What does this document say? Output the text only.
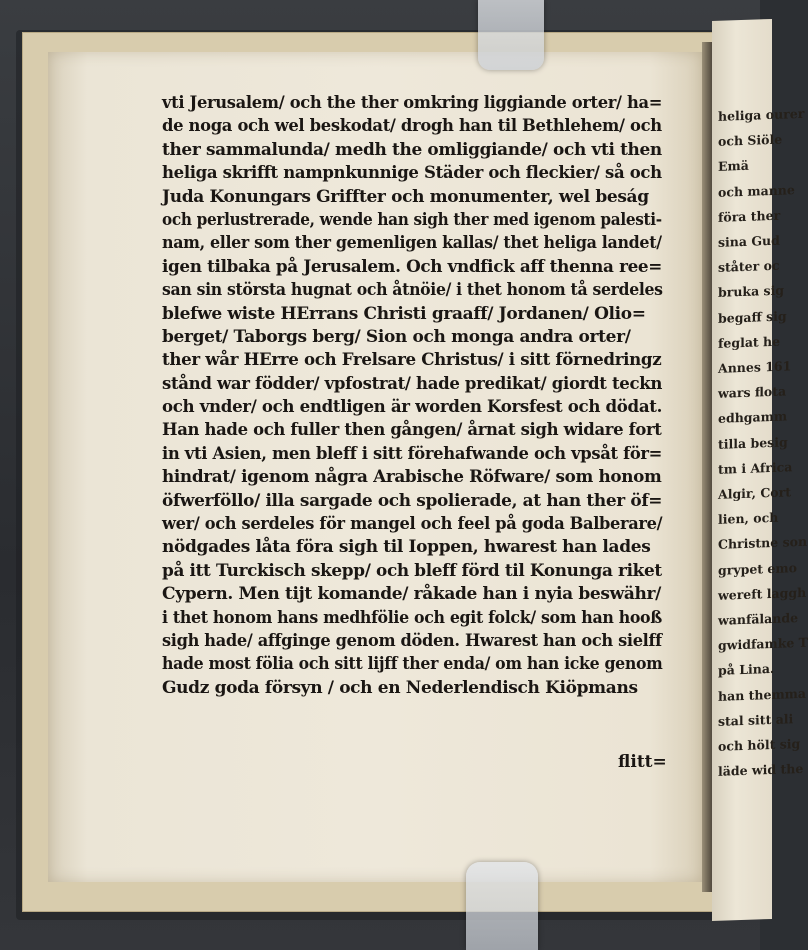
heliga ourer
och Siöle
Emä
och manne
föra ther
sina Gud
ståter oc
bruka sig
begaff sig
feglat he
Annes 161
wars flota
edhgamm
tilla besig
tm i Africa
Algir, Cort
lien, och
Christne son
grypet emo
wereft laggh
wanfälande
gwidfamke T
på Lina.
han themma
stal sitt ali
och hölt sig
läde wid the
vti Jerusalem/ och the ther omkring liggiande orter/ ha=
de noga och wel beskodat/ drogh han til Bethlehem/ och
ther sammalunda/ medh the omliggiande/ och vti then
heliga skrifft nampnkunnige Städer och fleckier/ så och
Juda Konungars Griffter och monumenter, wel beság
och perlustrerade, wende han sigh ther med igenom palesti-
nam, eller som ther gemenligen kallas/ thet heliga landet/
igen tilbaka på Jerusalem. Och vndfick aff thenna ree=
san sin största hugnat och åtnöie/ i thet honom tå serdeles
blefwe wiste HErrans Christi graaff/ Jordanen/ Olio=
berget/ Taborgs berg/ Sion och monga andra orter/
ther wår HErre och Frelsare Christus/ i sitt förnedringz
stånd war födder/ vpfostrat/ hade predikat/ giordt teckn
och vnder/ och endtligen är worden Korsfest och dödat.
Han hade och fuller then gången/ årnat sigh widare fort
in vti Asien, men bleff i sitt förehafwande och vpsåt för=
hindrat/ igenom några Arabische Röfware/ som honom
öfwerföllo/ illa sargade och spolierade, at han ther öf=
wer/ och serdeles för mangel och feel på goda Balberare/
nödgades låta föra sigh til Ioppen, hwarest han lades
på itt Turckisch skepp/ och bleff förd til Konunga riket
Cypern. Men tijt komande/ råkade han i nyia beswähr/
i thet honom hans medhfölie och egit folck/ som han hooß
sigh hade/ affginge genom döden. Hwarest han och sielff
hade most fölia och sitt lijff ther enda/ om han icke genom
Gudz goda försyn / och en Nederlendisch Kiöpmans
flitt=
